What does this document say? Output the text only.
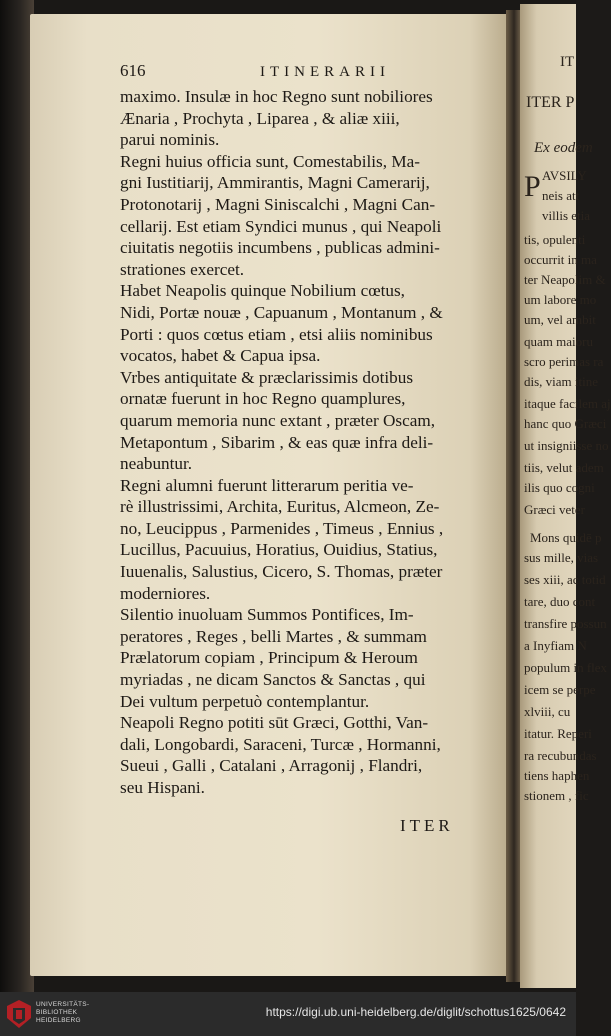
IT
ITER P
Ex eodem
P AVSILY
neis att
villis etia
tis, opulenti
occurrit in ma
ter Neapolim &
um labore mo
um, vel ambit
quam maioru
scro perimas ra
dis, viam itine
itaque facilem aj
hanc quo Græci
ut insigniisse no
tiis, velut adem
ilis quo cogni
Græci veter
Mons quidē p
sus mille, vias
ses xiii, ac totid
tare, duo cont
transfire possun
a Inyfiam N
populum in flex
icem se perpe
xlviii, cu
itatur. Reperi
ra recubundas
tiens haphen
stionem , fic
616	ITINERARII
maximo. Insulæ in hoc Regno sunt nobiliores
Ænaria , Prochyta , Liparea , & aliæ xiii,
parui nominis.
Regni huius officia sunt, Comestabilis, Ma-
gni Iustitiarij, Ammirantis, Magni Camerarij,
Protonotarij , Magni Siniscalchi , Magni Can-
cellarij. Est etiam Syndici munus , qui Neapoli
ciuitatis negotiis incumbens , publicas admini-
strationes exercet.
Habet Neapolis quinque Nobilium cœtus,
Nidi, Portæ nouæ , Capuanum , Montanum , &
Porti : quos cœtus etiam , etsi aliis nominibus
vocatos, habet & Capua ipsa.
Vrbes antiquitate & præclarissimis dotibus
ornatæ fuerunt in hoc Regno quamplures,
quarum memoria nunc extant , præter Oscam,
Metapontum , Sibarim , & eas quæ infra deli-
neabuntur.
Regni alumni fuerunt litterarum peritia ve-
rè illustrissimi, Archita, Euritus, Alcmeon, Ze-
no, Leucippus , Parmenides , Timeus , Ennius ,
Lucillus, Pacuuius, Horatius, Ouidius, Statius,
Iuuenalis, Salustius, Cicero, S. Thomas, præter
moderniores.
Silentio inuoluam Summos Pontifices, Im-
peratores , Reges , belli Martes , & summam
Prælatorum copiam , Principum & Heroum
myriadas , ne dicam Sanctos & Sanctas , qui
Dei vultum perpetuò contemplantur.
Neapoli Regno potiti sūt Græci, Gotthi, Van-
dali, Longobardi, Saraceni, Turcæ , Hormanni,
Sueui , Galli , Catalani , Arragonij , Flandri,
seu Hispani.
ITER
UNIVERSITÄTS-
BIBLIOTHEK
HEIDELBERG
https://digi.ub.uni-heidelberg.de/diglit/schottus1625/0642
